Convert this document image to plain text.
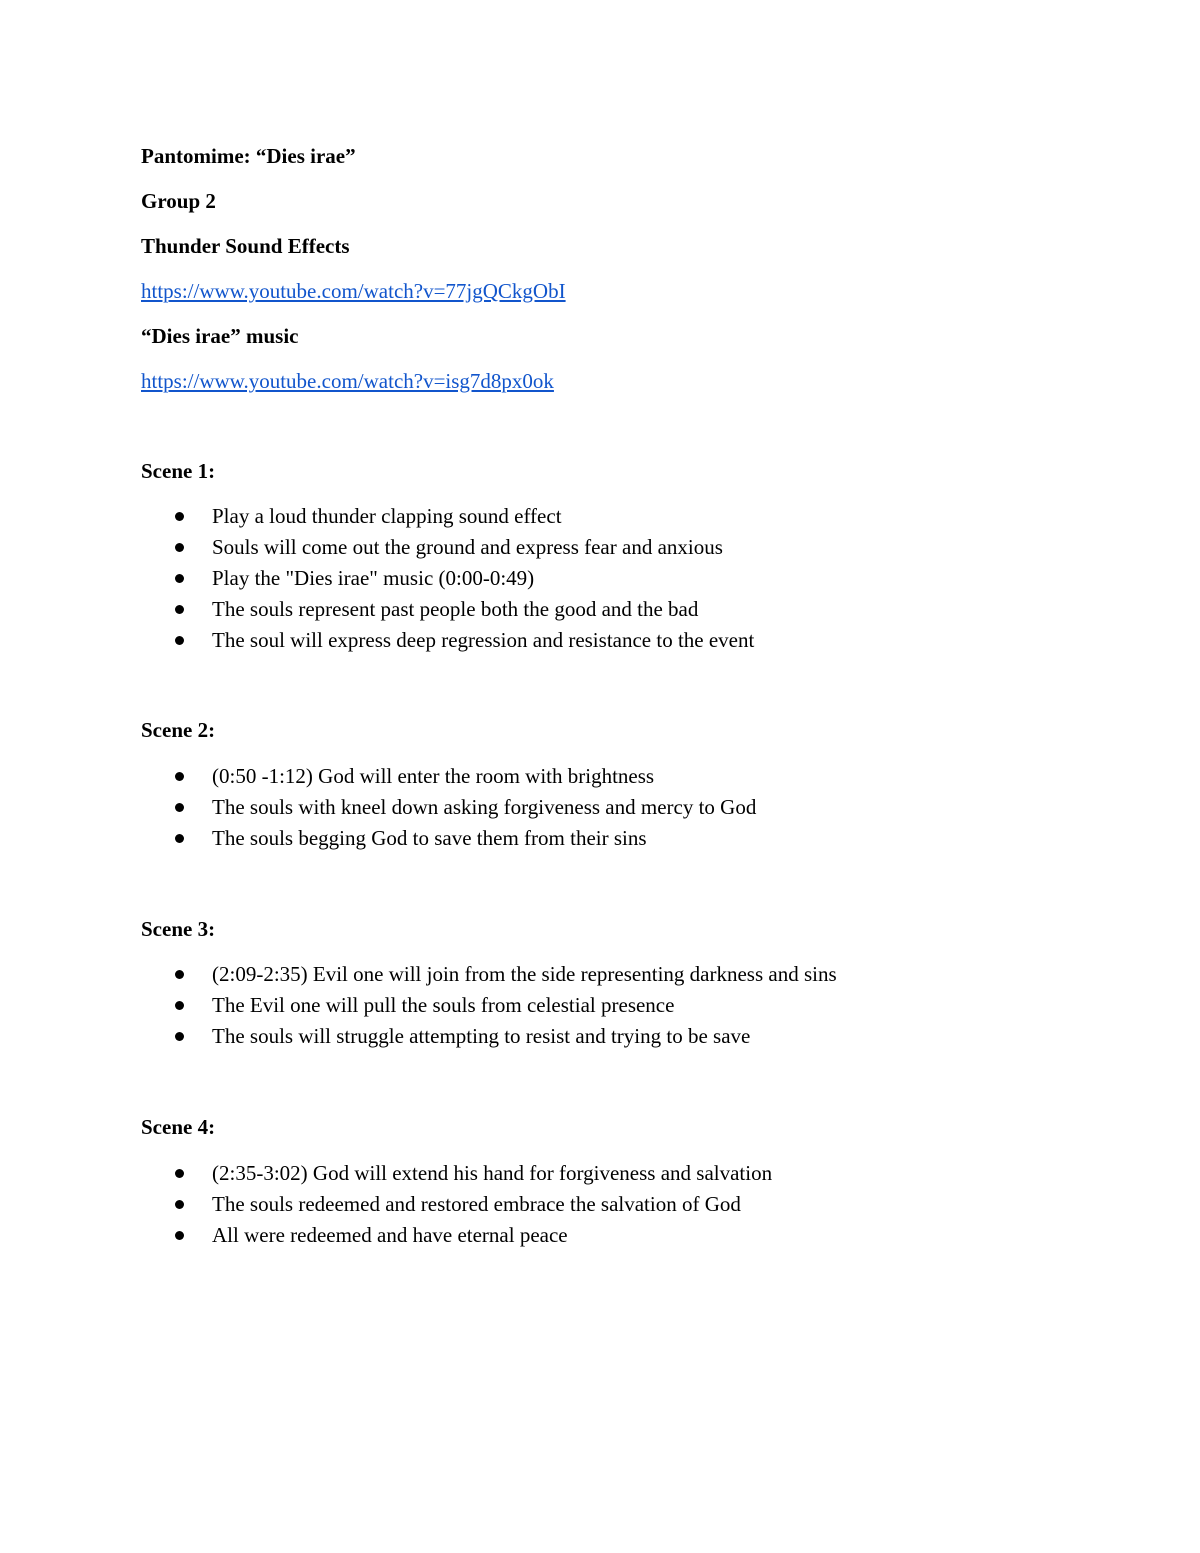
Pantomime: “Dies irae”
Group 2
Thunder Sound Effects
https://www.youtube.com/watch?v=77jgQCkgObI
“Dies irae” music
https://www.youtube.com/watch?v=isg7d8px0ok
Scene 1:
Play a loud thunder clapping sound effect
Souls will come out the ground and express fear and anxious
Play the "Dies irae" music (0:00-0:49)
The souls represent past people both the good and the bad
The soul will express deep regression and resistance to the event
Scene 2:
(0:50 -1:12) God will enter the room with brightness
The souls with kneel down asking forgiveness and mercy to God
The souls begging God to save them from their sins
Scene 3:
(2:09-2:35) Evil one will join from the side representing darkness and sins
The Evil one will pull the souls from celestial presence
The souls will struggle attempting to resist and trying to be save
Scene 4:
(2:35-3:02) God will extend his hand for forgiveness and salvation
The souls redeemed and restored embrace the salvation of God
All were redeemed and have eternal peace
